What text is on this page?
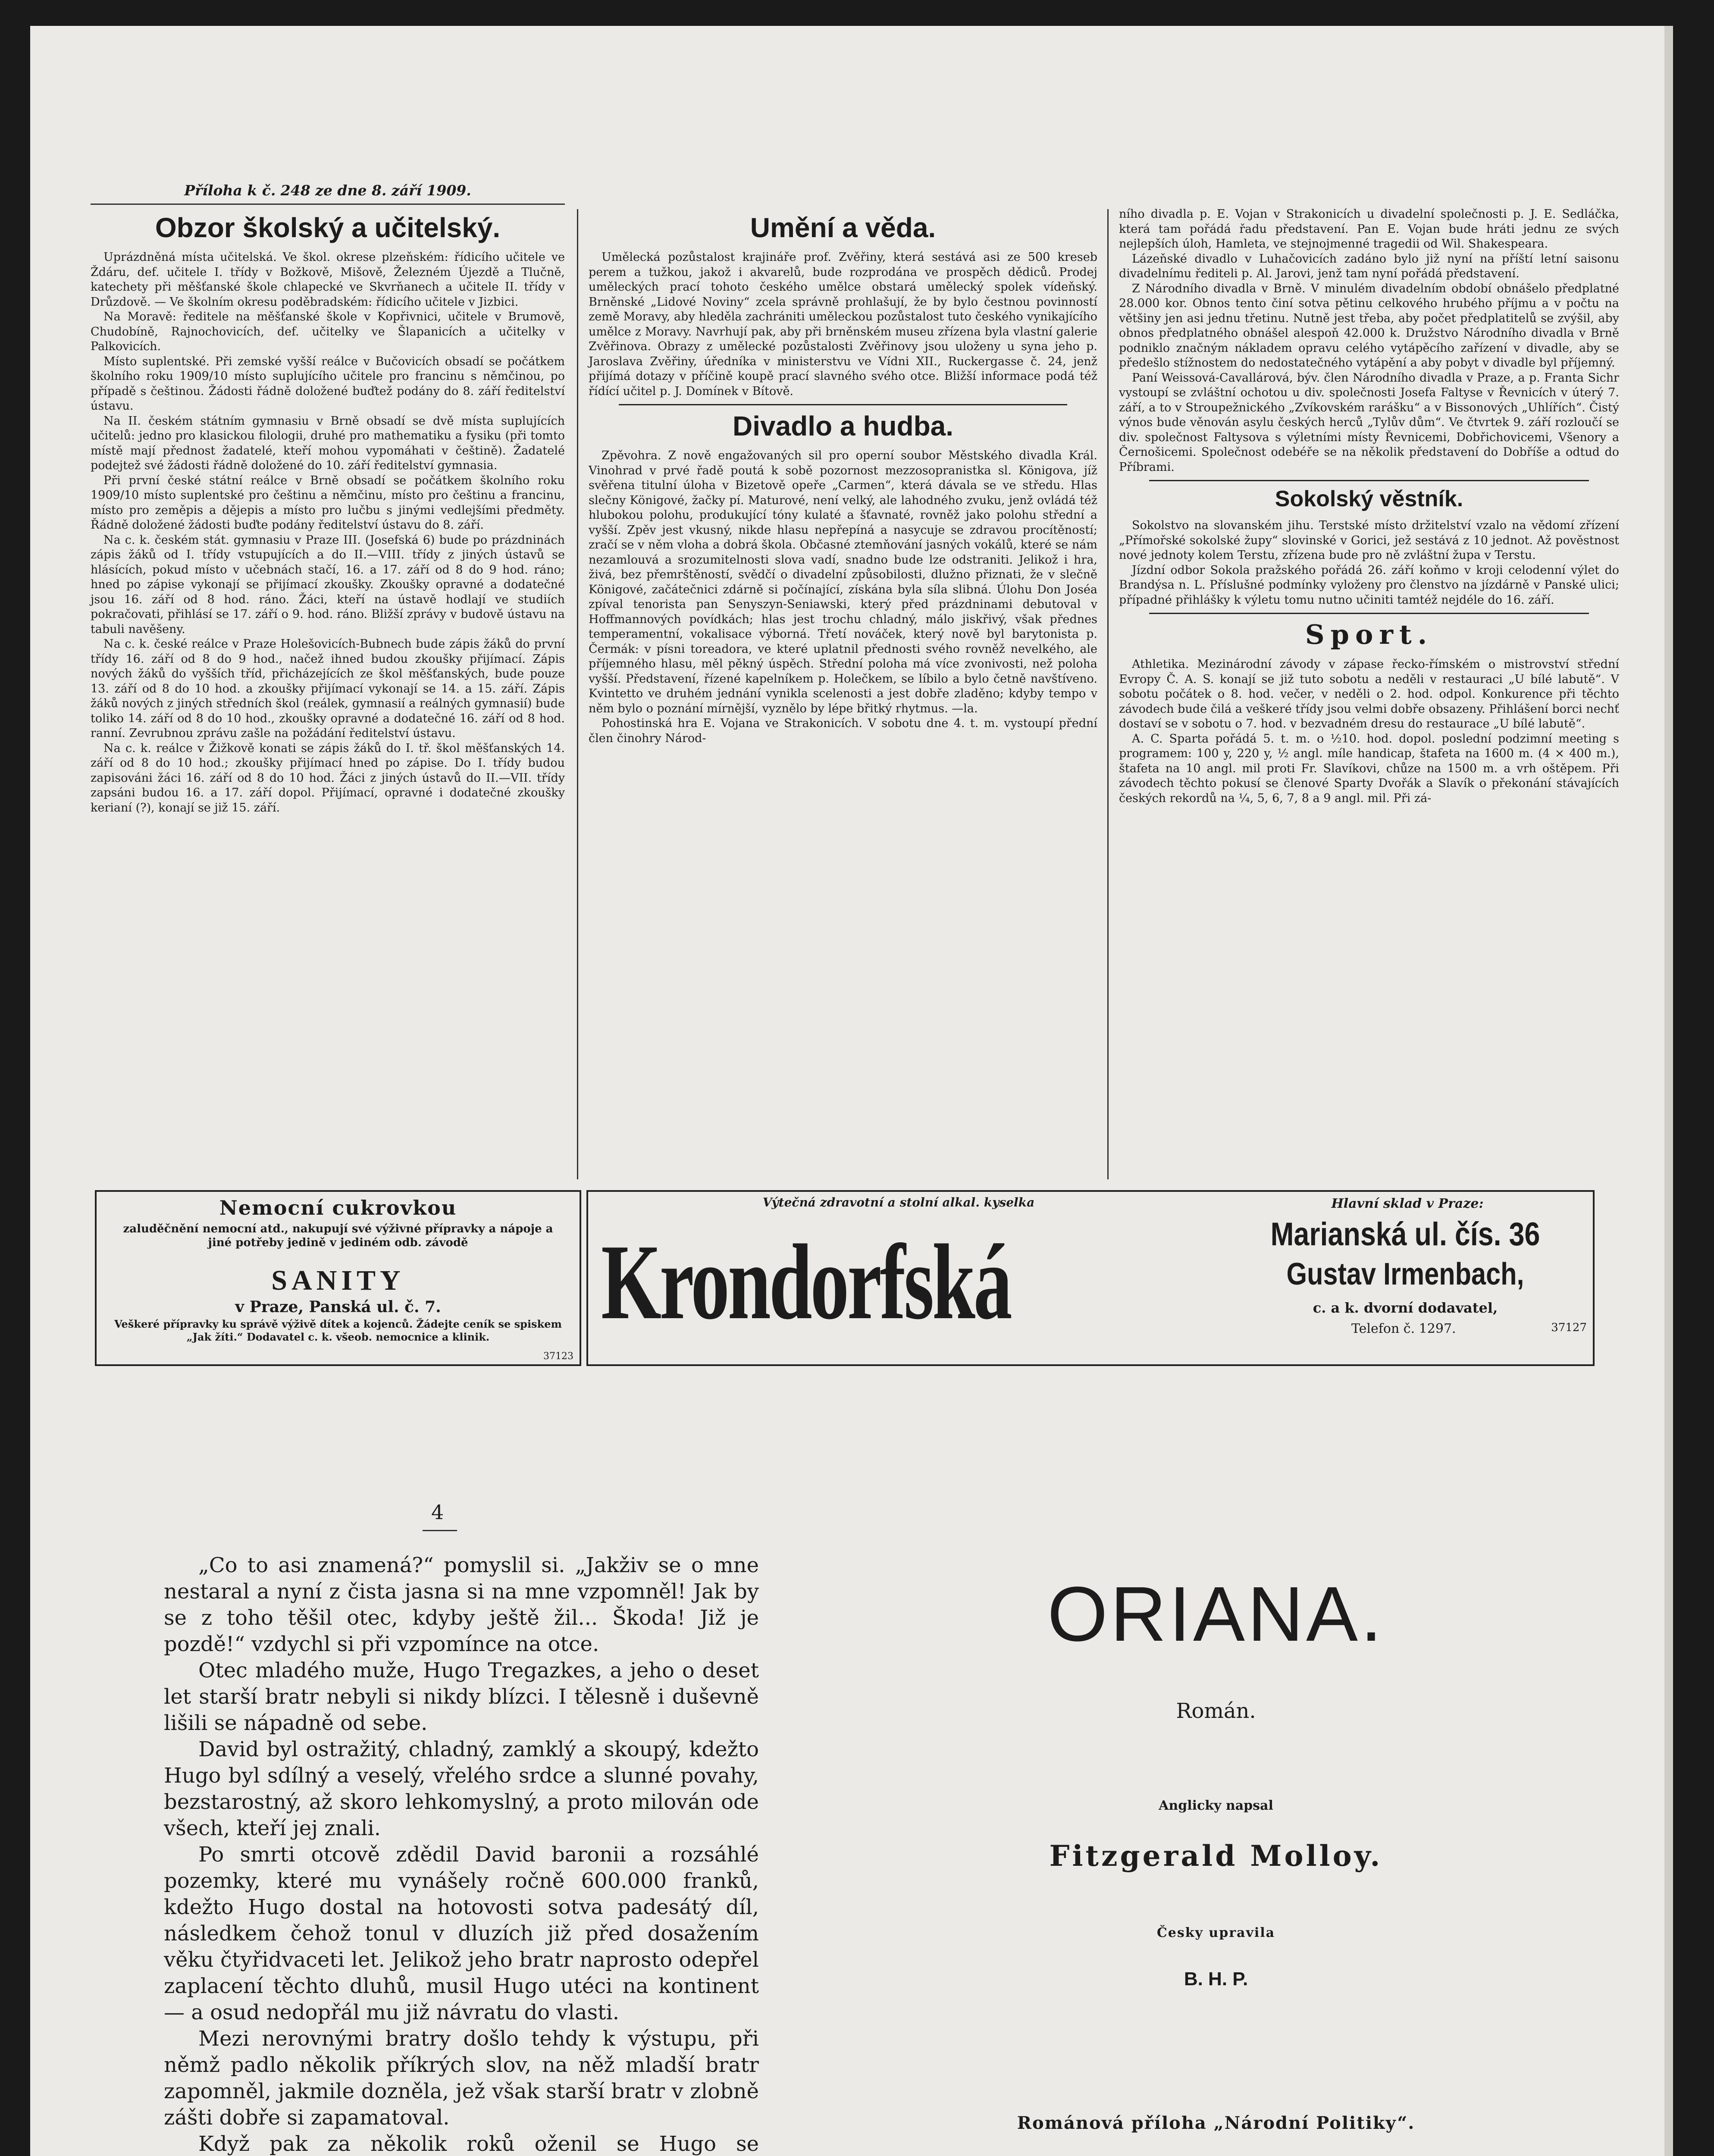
Příloha k č. 248 ze dne 8. září 1909.
Obzor školský a učitelský.

Uprázdněná místa učitelská. Ve škol. okrese plzeňském: řídicího učitele ve Ždáru, def. učitele I. třídy v Božkově, Mišově, Železném Újezdě a Tlučně, katechety při měšťanské škole chlapecké ve Skvrňanech a učitele II. třídy v Drůzdově. — Ve školním okresu poděbradském: řídicího učitele v Jizbici.

Na Moravě: ředitele na měšťanské škole v Kopřivnici, učitele v Brumově, Chudobíně, Rajnochovicích, def. učitelky ve Šlapanicích a učitelky v Palkovicích.

Místo suplentské. Při zemské vyšší reálce v Bučovicích obsadí se počátkem školního roku 1909/10 místo suplujícího učitele pro francinu s němčinou, po případě s češtinou. Žádosti řádně doložené buďtež podány do 8. září ředitelství ústavu.

Na II. českém státním gymnasiu v Brně obsadí se dvě místa suplujících učitelů: jedno pro klasickou filologii, druhé pro mathematiku a fysiku (při tomto místě mají přednost žadatelé, kteří mohou vypomáhati v češtině). Žadatelé podejtež své žádosti řádně doložené do 10. září ředitelství gymnasia.

Při první české státní reálce v Brně obsadí se počátkem školního roku 1909/10 místo suplentské pro češtinu a němčinu, místo pro češtinu a francinu, místo pro zeměpis a dějepis a místo pro lučbu s jinými vedlejšími předměty. Řádně doložené žádosti buďte podány ředitelství ústavu do 8. září.

Na c. k. českém stát. gymnasiu v Praze III. (Josefská 6) bude po prázdninách zápis žáků od I. třídy vstupujících a do II.—VIII. třídy z jiných ústavů se hlásících, pokud místo v učebnách stačí, 16. a 17. září od 8 do 9 hod. ráno; hned po zápise vykonají se přijímací zkoušky. Zkoušky opravné a dodatečné jsou 16. září od 8 hod. ráno. Žáci, kteří na ústavě hodlají ve studiích pokračovati, přihlásí se 17. září o 9. hod. ráno. Bližší zprávy v budově ústavu na tabuli navěšeny.

Na c. k. české reálce v Praze Holešovicích-Bubnech bude zápis žáků do první třídy 16. září od 8 do 9 hod., načež ihned budou zkoušky přijímací. Zápis nových žáků do vyšších tříd, přicházejících ze škol měšťanských, bude pouze 13. září od 8 do 10 hod. a zkoušky přijímací vykonají se 14. a 15. září. Zápis žáků nových z jiných středních škol (reálek, gymnasií a reálných gymnasií) bude toliko 14. září od 8 do 10 hod., zkoušky opravné a dodatečné 16. září od 8 hod. ranní. Zevrubnou zprávu zašle na požádání ředitelství ústavu.

Na c. k. reálce v Žižkově konati se zápis žáků do I. tř. škol měšťanských 14. září od 8 do 10 hod.; zkoušky přijímací hned po zápise. Do I. třídy budou zapisováni žáci 16. září od 8 do 10 hod. Žáci z jiných ústavů do II.—VII. třídy zapsáni budou 16. a 17. září dopol. Přijímací, opravné i dodatečné zkoušky kerianí (?), konají se již 15. září.

Umění a věda.

Umělecká pozůstalost krajináře prof. Zvěřiny, která sestává asi ze 500 kreseb perem a tužkou, jakož i akvarelů, bude rozprodána ve prospěch dědiců. Prodej uměleckých prací tohoto českého umělce obstará umělecký spolek vídeňský. Brněnské „Lidové Noviny“ zcela správně prohlašují, že by bylo čestnou povinností země Moravy, aby hleděla zachrániti uměleckou pozůstalost tuto českého vynikajícího umělce z Moravy. Navrhují pak, aby při brněnském museu zřízena byla vlastní galerie Zvěřinova. Obrazy z umělecké pozůstalosti Zvěřinovy jsou uloženy u syna jeho p. Jaroslava Zvěřiny, úředníka v ministerstvu ve Vídni XII., Ruckergasse č. 24, jenž přijímá dotazy v příčině koupě prací slavného svého otce. Bližší informace podá též řídící učitel p. J. Domínek v Bítově.

Divadlo a hudba.

Zpěvohra. Z nově engažovaných sil pro operní soubor Městského divadla Král. Vinohrad v prvé řadě poutá k sobě pozornost mezzosopranistka sl. Königova, jíž svěřena titulní úloha v Bizetově opeře „Carmen“, která dávala se ve středu. Hlas slečny Königové, žačky pí. Maturové, není velký, ale lahodného zvuku, jenž ovládá též hlubokou polohu, produkující tóny kulaté a šťavnaté, rovněž jako polohu střední a vyšší. Zpěv jest vkusný, nikde hlasu nepřepíná a nasycuje se zdravou procítěností; zračí se v něm vloha a dobrá škola. Občasné ztemňování jasných vokálů, které se nám nezamlouvá a srozumitelnosti slova vadí, snadno bude lze odstraniti. Jelikož i hra, živá, bez přemrštěností, svědčí o divadelní způsobilosti, dlužno přiznati, že v slečně Königové, začátečnici zdárně si počínající, získána byla síla slibná. Úlohu Don Joséa zpíval tenorista pan Senyszyn-Seniawski, který před prázdninami debutoval v Hoffmannových povídkách; hlas jest trochu chladný, málo jiskřivý, však přednes temperamentní, vokalisace výborná. Třetí nováček, který nově byl barytonista p. Čermák: v písni toreadora, ve které uplatnil přednosti svého rovněž nevelkého, ale příjemného hlasu, měl pěkný úspěch. Střední poloha má více zvonivosti, než poloha vyšší. Představení, řízené kapelníkem p. Holečkem, se líbilo a bylo četně navštíveno. Kvintetto ve druhém jednání vynikla scelenosti a jest dobře zladěno; kdyby tempo v něm bylo o poznání mírnější, vyznělo by lépe břitký rhytmus. —la.

Pohostinská hra E. Vojana ve Strakonicích. V sobotu dne 4. t. m. vystoupí přední člen činohry Národ-

ního divadla p. E. Vojan v Strakonicích u divadelní společnosti p. J. E. Sedláčka, která tam pořádá řadu představení. Pan E. Vojan bude hráti jednu ze svých nejlepších úloh, Hamleta, ve stejnojmenné tragedii od Wil. Shakespeara.

Lázeňské divadlo v Luhačovicích zadáno bylo již nyní na příští letní saisonu divadelnímu řediteli p. Al. Jarovi, jenž tam nyní pořádá představení.

Z Národního divadla v Brně. V minulém divadelním období obnášelo předplatné 28.000 kor. Obnos tento činí sotva pětinu celkového hrubého příjmu a v počtu na většiny jen asi jednu třetinu. Nutně jest třeba, aby počet předplatitelů se zvýšil, aby obnos předplatného obnášel alespoň 42.000 k. Družstvo Národního divadla v Brně podniklo značným nákladem opravu celého vytápěcího zařízení v divadle, aby se předešlo stížnostem do nedostatečného vytápění a aby pobyt v divadle byl příjemný.

Paní Weissová-Cavallárová, býv. člen Národního divadla v Praze, a p. Franta Sichr vystoupí se zvláštní ochotou u div. společnosti Josefa Faltyse v Řevnicích v úterý 7. září, a to v Stroupežnického „Zvíkovském rarášku“ a v Bissonových „Uhlířích“. Čistý výnos bude věnován asylu českých herců „Tylův dům“. Ve čtvrtek 9. září rozloučí se div. společnost Faltysova s výletními místy Řevnicemi, Dobřichovicemi, Všenory a Černošicemi. Společnost odebéře se na několik představení do Dobříše a odtud do Příbrami.

Sokolský věstník.

Sokolstvo na slovanském jihu. Terstské místo držitelství vzalo na vědomí zřízení „Přímořské sokolské župy“ slovinské v Gorici, jež sestává z 10 jednot. Až pověstnost nové jednoty kolem Terstu, zřízena bude pro ně zvláštní župa v Terstu.

Jízdní odbor Sokola pražského pořádá 26. září koňmo v kroji celodenní výlet do Brandýsa n. L. Příslušné podmínky vyloženy pro členstvo na jízdárně v Panské ulici; případné přihlášky k výletu tomu nutno učiniti tamtéž nejdéle do 16. září.

Sport.

Athletika. Mezinárodní závody v zápase řecko-římském o mistrovství střední Evropy Č. A. S. konají se již tuto sobotu a neděli v restauraci „U bílé labutě“. V sobotu počátek o 8. hod. večer, v neděli o 2. hod. odpol. Konkurence při těchto závodech bude čilá a veškeré třídy jsou velmi dobře obsazeny. Přihlášení borci nechť dostaví se v sobotu o 7. hod. v bezvadném dresu do restaurace „U bílé labutě“.

A. C. Sparta pořádá 5. t. m. o ½10. hod. dopol. poslední podzimní meeting s programem: 100 y, 220 y, ½ angl. míle handicap, štafeta na 1600 m. (4 × 400 m.), štafeta na 10 angl. mil proti Fr. Slavíkovi, chůze na 1500 m. a vrh oštěpem. Při závodech těchto pokusí se členové Sparty Dvořák a Slavík o překonání stávajících českých rekordů na ¼, 5, 6, 7, 8 a 9 angl. mil. Při zá-

Nemocní cukrovkou
zaluděčnění nemocní atd., nakupují své výživné přípravky a nápoje a jiné potřeby jedině v jediném odb. závodě
SANITY
v Praze, Panská ul. č. 7.
Veškeré přípravky ku správě výživě dítek a kojenců. Žádejte ceník se spiskem „Jak žíti.“ Dodavatel c. k. všeob. nemocnice a klinik.
37123
Výtečná zdravotní a stolní alkal. kyselka
Krondorfská
Hlavní sklad v Praze:
Marianská ul. čís. 36
Gustav Irmenbach,
c. a k. dvorní dodavatel,
Telefon č. 1297.	37127
4

„Co to asi znamená?“ pomyslil si. „Jakživ se o mne nestaral a nyní z čista jasna si na mne vzpomněl! Jak by se z toho těšil otec, kdyby ještě žil... Škoda! Již je pozdě!“ vzdychl si při vzpomínce na otce.

Otec mladého muže, Hugo Tregazkes, a jeho o deset let starší bratr nebyli si nikdy blízci. I tělesně i duševně lišili se nápadně od sebe.

David byl ostražitý, chladný, zamklý a skoupý, kdežto Hugo byl sdílný a veselý, vřelého srdce a slunné povahy, bezstarostný, až skoro lehkomyslný, a proto milován ode všech, kteří jej znali.

Po smrti otcově zdědil David baronii a rozsáhlé pozemky, které mu vynášely ročně 600.000 franků, kdežto Hugo dostal na hotovosti sotva padesátý díl, následkem čehož tonul v dluzích již před dosažením věku čtyřidvaceti let. Jelikož jeho bratr naprosto odepřel zaplacení těchto dluhů, musil Hugo utéci na kontinent — a osud nedopřál mu již návratu do vlasti.

Mezi nerovnými bratry došlo tehdy k výstupu, při němž padlo několik příkrých slov, na něž mladší bratr zapomněl, jakmile dozněla, jež však starší bratr v zlobně zášti dobře si zapamatoval.

Když pak za několik roků oženil se Hugo se

ORIANA.
Román.
Anglicky napsal
Fitzgerald Molloy.
Česky upravila
B. H. P.
Románová příloha „Národní Politiky“.
